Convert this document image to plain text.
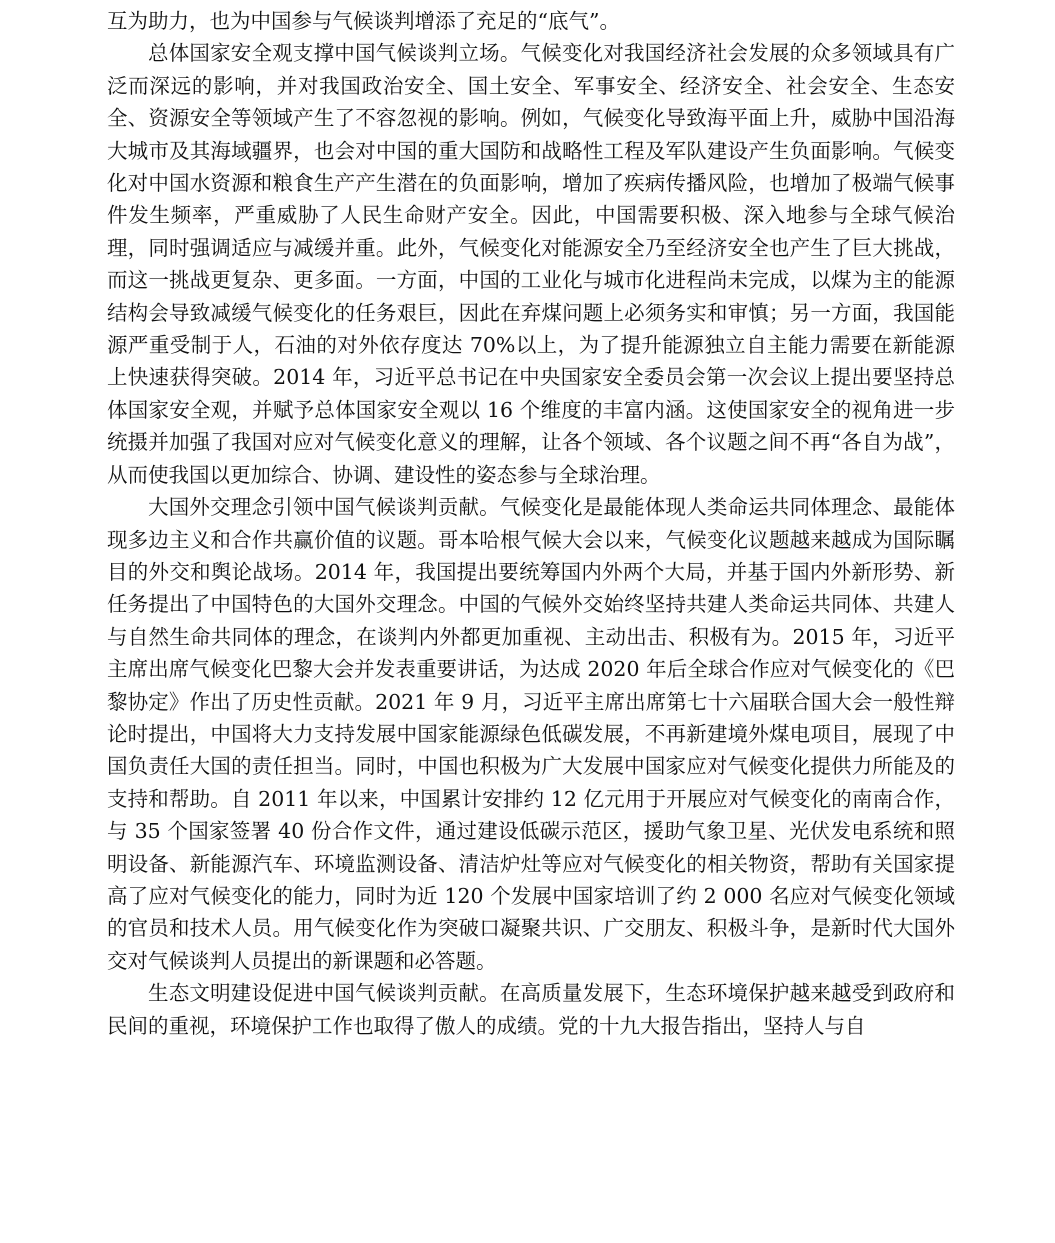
互为助力，也为中国参与气候谈判增添了充足的“底气”。

总体国家安全观支撑中国气候谈判立场。气候变化对我国经济社会发展的众多领域具有广泛而深远的影响，并对我国政治安全、国土安全、军事安全、经济安全、社会安全、生态安全、资源安全等领域产生了不容忽视的影响。例如，气候变化导致海平面上升，威胁中国沿海大城市及其海域疆界，也会对中国的重大国防和战略性工程及军队建设产生负面影响。气候变化对中国水资源和粮食生产产生潜在的负面影响，增加了疾病传播风险，也增加了极端气候事件发生频率，严重威胁了人民生命财产安全。因此，中国需要积极、深入地参与全球气候治理，同时强调适应与减缓并重。此外，气候变化对能源安全乃至经济安全也产生了巨大挑战，而这一挑战更复杂、更多面。一方面，中国的工业化与城市化进程尚未完成，以煤为主的能源结构会导致减缓气候变化的任务艰巨，因此在弃煤问题上必须务实和审慎；另一方面，我国能源严重受制于人，石油的对外依存度达 70%以上，为了提升能源独立自主能力需要在新能源上快速获得突破。2014 年，习近平总书记在中央国家安全委员会第一次会议上提出要坚持总体国家安全观，并赋予总体国家安全观以 16 个维度的丰富内涵。这使国家安全的视角进一步统摄并加强了我国对应对气候变化意义的理解，让各个领域、各个议题之间不再“各自为战”，从而使我国以更加综合、协调、建设性的姿态参与全球治理。

大国外交理念引领中国气候谈判贡献。气候变化是最能体现人类命运共同体理念、最能体现多边主义和合作共赢价值的议题。哥本哈根气候大会以来，气候变化议题越来越成为国际瞩目的外交和舆论战场。2014 年，我国提出要统筹国内外两个大局，并基于国内外新形势、新任务提出了中国特色的大国外交理念。中国的气候外交始终坚持共建人类命运共同体、共建人与自然生命共同体的理念，在谈判内外都更加重视、主动出击、积极有为。2015 年，习近平主席出席气候变化巴黎大会并发表重要讲话，为达成 2020 年后全球合作应对气候变化的《巴黎协定》作出了历史性贡献。2021 年 9 月，习近平主席出席第七十六届联合国大会一般性辩论时提出，中国将大力支持发展中国家能源绿色低碳发展，不再新建境外煤电项目，展现了中国负责任大国的责任担当。同时，中国也积极为广大发展中国家应对气候变化提供力所能及的支持和帮助。自 2011 年以来，中国累计安排约 12 亿元用于开展应对气候变化的南南合作，与 35 个国家签署 40 份合作文件，通过建设低碳示范区，援助气象卫星、光伏发电系统和照明设备、新能源汽车、环境监测设备、清洁炉灶等应对气候变化的相关物资，帮助有关国家提高了应对气候变化的能力，同时为近 120 个发展中国家培训了约 2 000 名应对气候变化领域的官员和技术人员。用气候变化作为突破口凝聚共识、广交朋友、积极斗争，是新时代大国外交对气候谈判人员提出的新课题和必答题。

生态文明建设促进中国气候谈判贡献。在高质量发展下，生态环境保护越来越受到政府和民间的重视，环境保护工作也取得了傲人的成绩。党的十九大报告指出，坚持人与自
